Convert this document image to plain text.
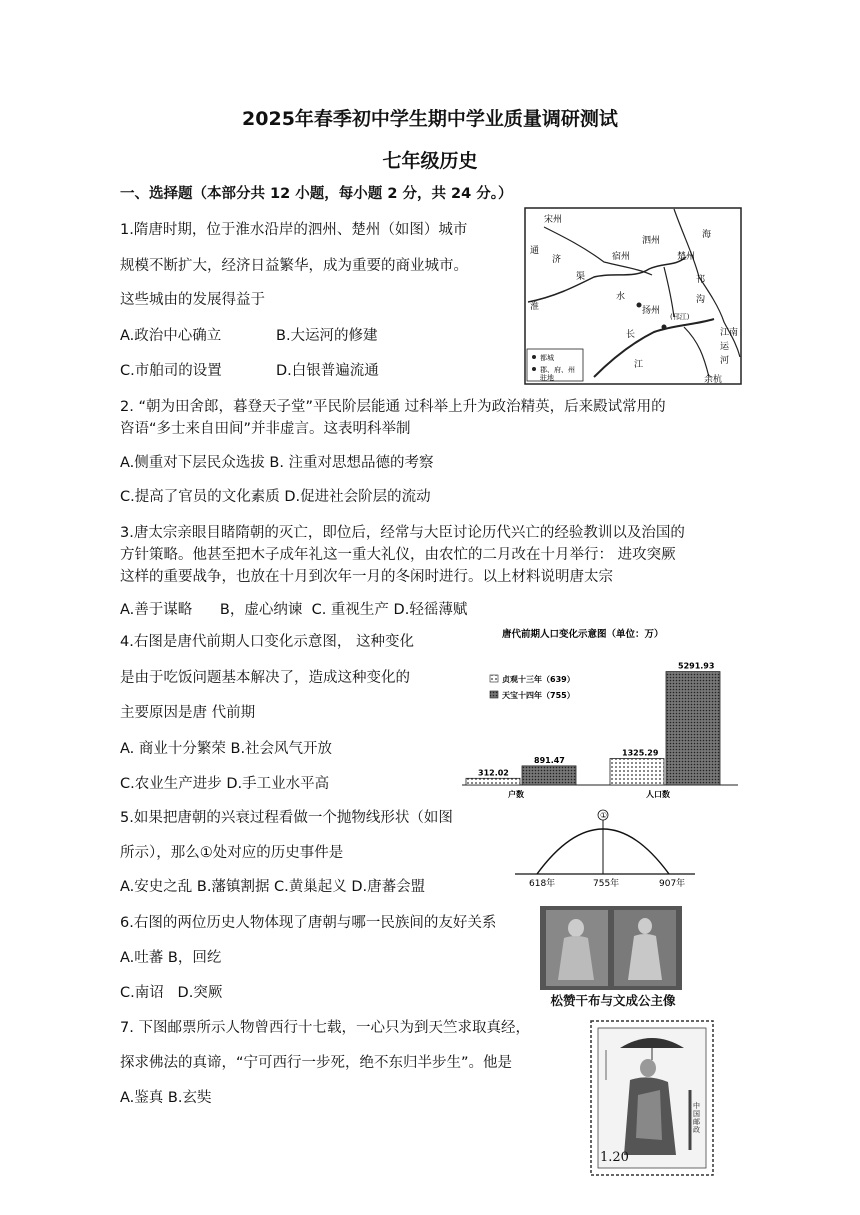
2025年春季初中学生期中学业质量调研测试
七年级历史
一、选择题（本部分共 12 小题，每小题 2 分，共 24 分。）
1.隋唐时期，位于淮水沿岸的泗州、楚州（如图）城市
规模不断扩大，经济日益繁华，成为重要的商业城市。
这些城由的发展得益于
A.政治中心确立	B.大运河的修建
C.市舶司的设置	D.白银普遍流通
都城
郡、府、州
驻地
宋州
通
济
渠
宿州
泗州
楚州
邗
沟
海
淮
水
扬州
长
江
(邗江)
江南
运
河
余杭
2. “朝为田舍郎，暮登天子堂”平民阶层能通 过科举上升为政治精英，后来殿试常用的
咨语“多士来自田间”并非虚言。这表明科举制
A.侧重对下层民众选拔 B. 注重对思想品德的考察
C.提高了官员的文化素质 D.促进社会阶层的流动
3.唐太宗亲眼目睹隋朝的灭亡，即位后，经常与大臣讨论历代兴亡的经验教训以及治国的
方针策略。他甚至把木子成年礼这一重大礼仪，由农忙的二月改在十月举行： 进攻突厥
这样的重要战争，也放在十月到次年一月的冬闲时进行。以上材料说明唐太宗
A.善于谋略      B，虚心纳谏  C. 重视生产 D.轻徭薄赋
4.右图是唐代前期人口变化示意图， 这种变化
是由于吃饭问题基本解决了，造成这种变化的
主要原因是唐 代前期
A. 商业十分繁荣 B.社会风气开放
C.农业生产进步 D.手工业水平高
唐代前期人口变化示意图（单位：万）
贞观十三年（639）
天宝十四年（755）
312.02
891.47
1325.29
5291.93
户数	人口数
5.如果把唐朝的兴衰过程看做一个抛物线形状（如图
所示），那么①处对应的历史事件是
A.安史之乱 B.藩镇割据 C.黄巢起义 D.唐蕃会盟
①
618年	755年	907年
6.右图的两位历史人物体现了唐朝与哪一民族间的友好关系
A.吐蕃 B，回纥
C.南诏   D.突厥	松赞干布与文成公主像
7. 下图邮票所示人物曾西行十七载，一心只为到天竺求取真经，
探求佛法的真谛，“宁可西行一步死，绝不东归半步生”。他是
A.鉴真 B.玄奘
1.20
中国邮政
